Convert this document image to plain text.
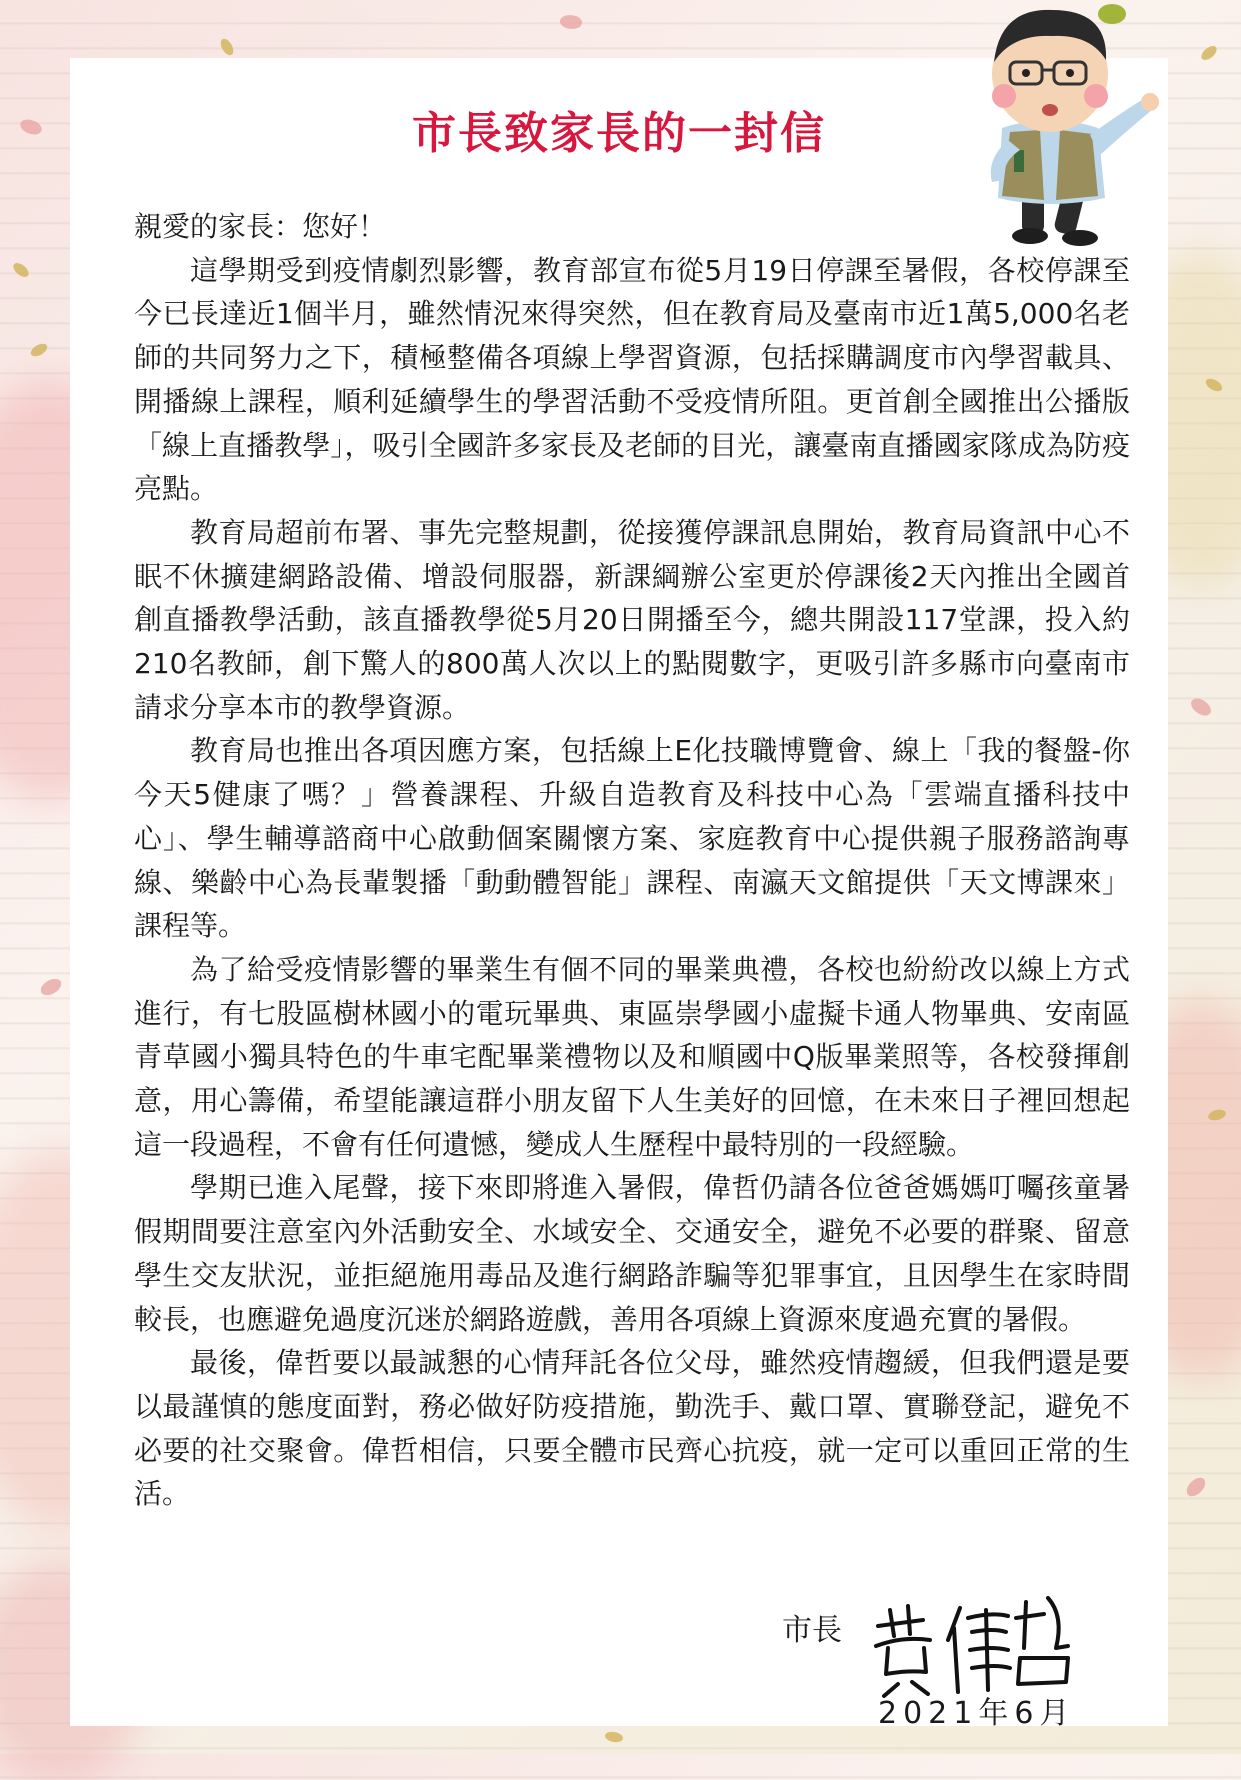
市長致家長的一封信

親愛的家長：您好！

這學期受到疫情劇烈影響，教育部宣布從5月19日停課至暑假，各校停課至今已長達近1個半月，雖然情況來得突然，但在教育局及臺南市近1萬5,000名老師的共同努力之下，積極整備各項線上學習資源，包括採購調度市內學習載具、開播線上課程，順利延續學生的學習活動不受疫情所阻。更首創全國推出公播版「線上直播教學」，吸引全國許多家長及老師的目光，讓臺南直播國家隊成為防疫亮點。

教育局超前布署、事先完整規劃，從接獲停課訊息開始，教育局資訊中心不眠不休擴建網路設備、增設伺服器，新課綱辦公室更於停課後2天內推出全國首創直播教學活動，該直播教學從5月20日開播至今，總共開設117堂課，投入約210名教師，創下驚人的800萬人次以上的點閱數字，更吸引許多縣市向臺南市請求分享本市的教學資源。

教育局也推出各項因應方案，包括線上E化技職博覽會、線上「我的餐盤-你今天5健康了嗎？」營養課程、升級自造教育及科技中心為「雲端直播科技中心」、學生輔導諮商中心啟動個案關懷方案、家庭教育中心提供親子服務諮詢專線、樂齡中心為長輩製播「動動體智能」課程、南瀛天文館提供「天文博課來」課程等。

為了給受疫情影響的畢業生有個不同的畢業典禮，各校也紛紛改以線上方式進行，有七股區樹林國小的電玩畢典、東區崇學國小虛擬卡通人物畢典、安南區青草國小獨具特色的牛車宅配畢業禮物以及和順國中Q版畢業照等，各校發揮創意，用心籌備，希望能讓這群小朋友留下人生美好的回憶，在未來日子裡回想起這一段過程，不會有任何遺憾，變成人生歷程中最特別的一段經驗。

學期已進入尾聲，接下來即將進入暑假，偉哲仍請各位爸爸媽媽叮囑孩童暑假期間要注意室內外活動安全、水域安全、交通安全，避免不必要的群聚、留意學生交友狀況，並拒絕施用毒品及進行網路詐騙等犯罪事宜，且因學生在家時間較長，也應避免過度沉迷於網路遊戲，善用各項線上資源來度過充實的暑假。

最後，偉哲要以最誠懇的心情拜託各位父母，雖然疫情趨緩，但我們還是要以最謹慎的態度面對，務必做好防疫措施，勤洗手、戴口罩、實聯登記，避免不必要的社交聚會。偉哲相信，只要全體市民齊心抗疫，就一定可以重回正常的生活。

市長
2021年6月
